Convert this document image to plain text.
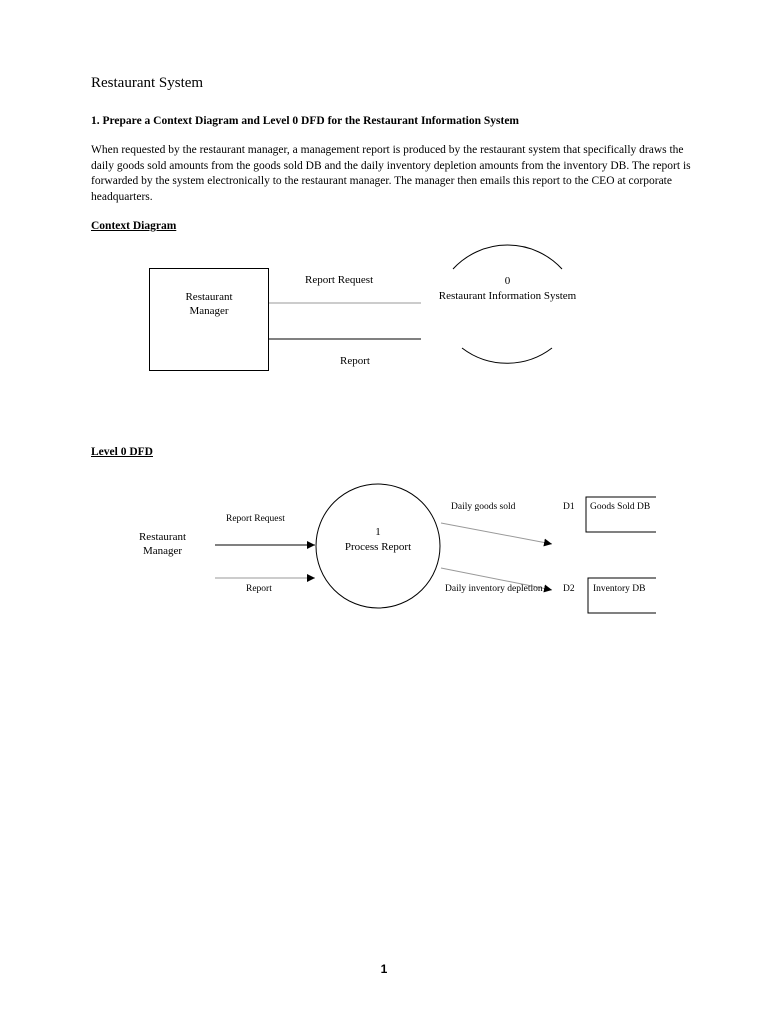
Restaurant System
1. Prepare a Context Diagram and Level 0 DFD for the Restaurant Information System
When requested by the restaurant manager, a management report is produced by the restaurant system that specifically draws the daily goods sold amounts from the goods sold DB and the daily inventory depletion amounts from the inventory DB. The report is forwarded by the system electronically to the restaurant manager. The manager then emails this report to the CEO at corporate headquarters.
Context Diagram
Restaurant
Manager
Report Request
Report
0
Restaurant Information System
Level 0 DFD
Restaurant
Manager
Report Request
Report
1
Process Report
Daily goods sold
Daily inventory depletion
D1 Goods Sold DB
D2 Inventory DB
1
